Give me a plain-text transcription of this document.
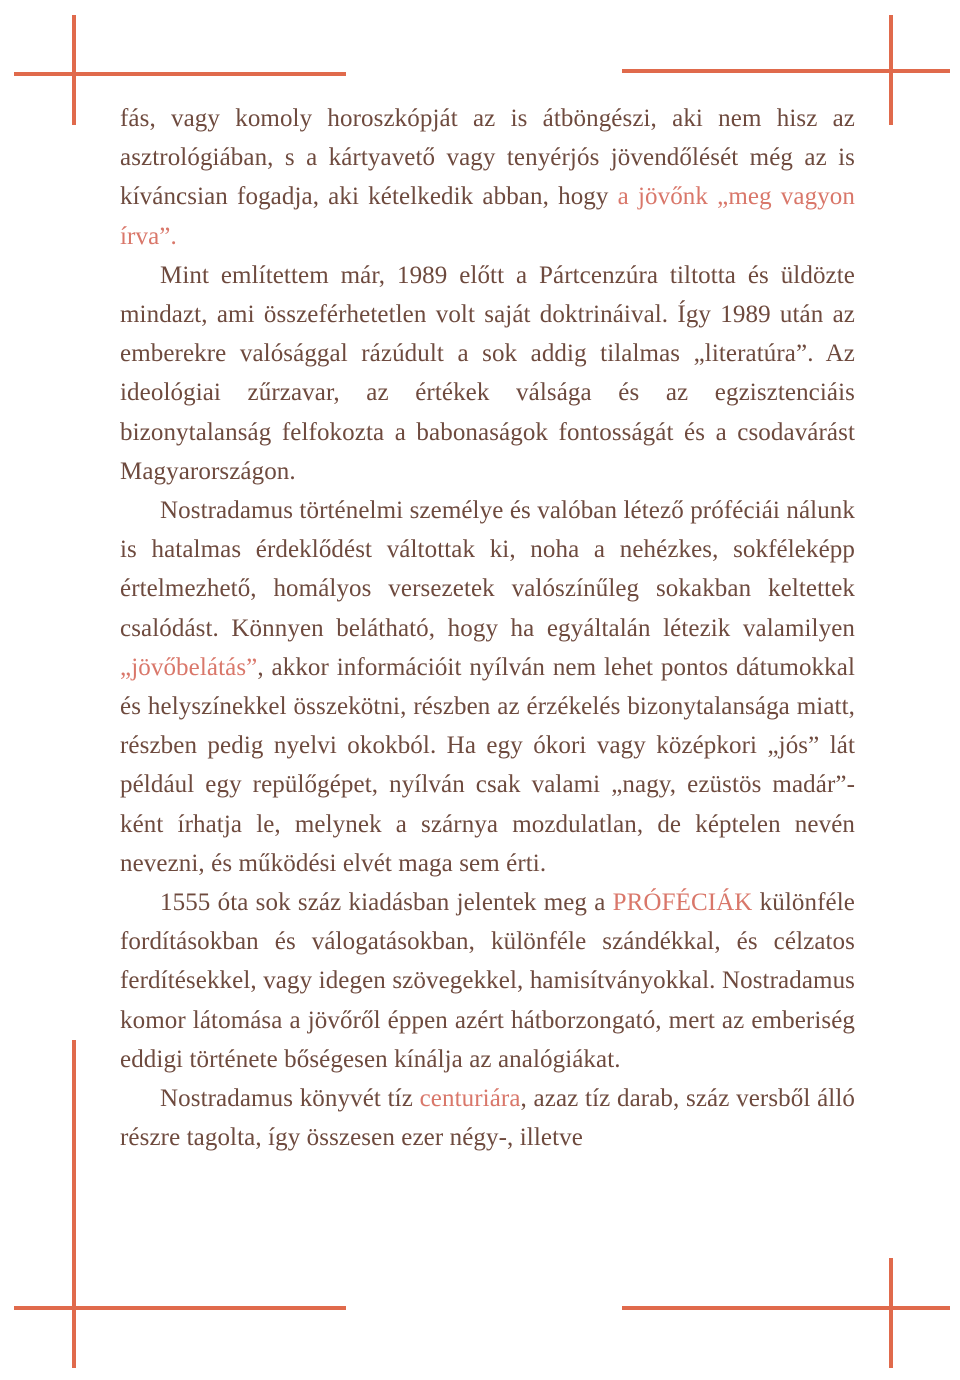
fás, vagy komoly horoszkópját az is átböngészi, aki nem hisz az asztrológiában, s a kártyavető vagy tenyérjós jövendőlését még az is kíváncsian fogadja, aki kételkedik abban, hogy a jövőnk „meg vagyon írva”.

Mint említettem már, 1989 előtt a Pártcenzúra tiltotta és üldözte mindazt, ami összeférhetetlen volt saját doktrináival. Így 1989 után az emberekre valósággal rázúdult a sok addig tilalmas „literatúra”. Az ideológiai zűrzavar, az értékek válsága és az egzisztenciáis bizonytalanság felfokozta a babonaságok fontosságát és a csodavárást Magyarországon.

Nostradamus történelmi személye és valóban létező próféciái nálunk is hatalmas érdeklődést váltottak ki, noha a nehézkes, sokféleképp értelmezhető, homályos versezetek valószínűleg sokakban keltettek csalódást. Könnyen belátható, hogy ha egyáltalán létezik valamilyen „jövőbelátás”, akkor információit nyílván nem lehet pontos dátumokkal és helyszínekkel összekötni, részben az érzékelés bizonytalansága miatt, részben pedig nyelvi okokból. Ha egy ókori vagy középkori „jós” lát például egy repülőgépet, nyílván csak valami „nagy, ezüstös madár”-ként írhatja le, melynek a szárnya mozdulatlan, de képtelen nevén nevezni, és működési elvét maga sem érti.

1555 óta sok száz kiadásban jelentek meg a PRÓFÉCIÁK különféle fordításokban és válogatásokban, különféle szándékkal, és célzatos ferdítésekkel, vagy idegen szövegekkel, hamisítványokkal. Nostradamus komor látomása a jövőről éppen azért hátborzongató, mert az emberiség eddigi története bőségesen kínálja az analógiákat.

Nostradamus könyvét tíz centuriára, azaz tíz darab, száz versből álló részre tagolta, így összesen ezer négy-, illetve
